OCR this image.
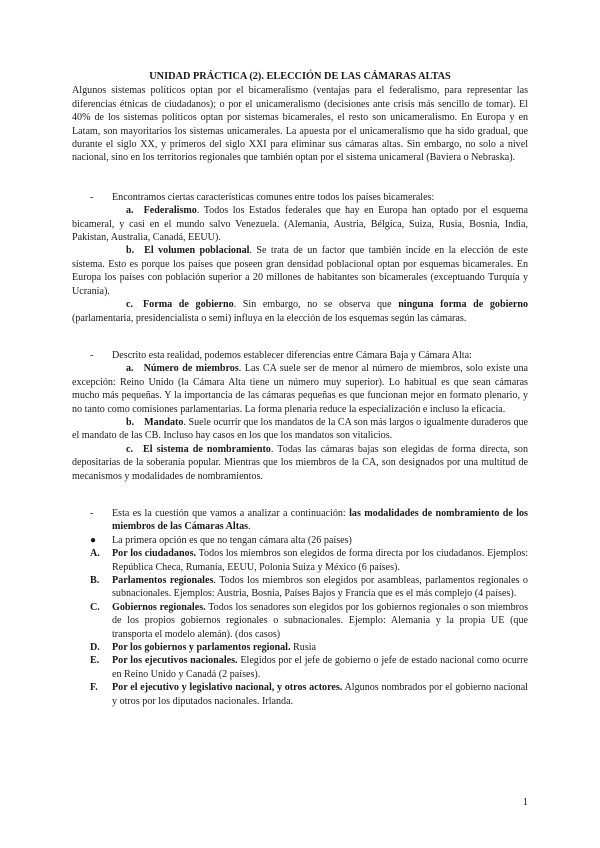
UNIDAD PRÁCTICA (2). ELECCIÓN DE LAS CÁMARAS ALTAS

Algunos sistemas políticos optan por el bicameralismo (ventajas para el federalismo, para representar las diferencias étnicas de ciudadanos); o por el unicameralismo (decisiones ante crisis más sencillo de tomar). El 40% de los sistemas políticos optan por sistemas bicamerales, el resto son unicameralismo. En Europa y en Latam, son mayoritarios los sistemas unicamerales. La apuesta por el unicameralismo que ha sido gradual, que durante el siglo XX, y primeros del siglo XXI para eliminar sus cámaras altas. Sin embargo, no solo a nivel nacional, sino en los territorios regionales que también optan por el sistema unicameral (Baviera o Nebraska).

-	Encontramos ciertas características comunes entre todos los países bicamerales:

a. Federalismo. Todos los Estados federales que hay en Europa han optado por el esquema bicameral, y casi en el mundo salvo Venezuela. (Alemania, Austria, Bélgica, Suiza, Rusia, Bosnia, India, Pakistan, Australia, Canadá, EEUU).

b. El volumen poblacional. Se trata de un factor que también incide en la elección de este sistema. Esto es porque los países que poseen gran densidad poblacional optan por esquemas bicamerales. En Europa los países con población superior a 20 millones de habitantes son bicamerales (exceptuando Turquía y Ucrania).

c. Forma de gobierno. Sin embargo, no se observa que ninguna forma de gobierno (parlamentaria, presidencialista o semi) influya en la elección de los esquemas según las cámaras.

-	Descrito esta realidad, podemos establecer diferencias entre Cámara Baja y Cámara Alta:

a. Número de miembros. Las CA suele ser de menor al número de miembros, solo existe una excepción: Reino Unido (la Cámara Alta tiene un número muy superior). Lo habitual es que sean cámaras mucho más pequeñas. Y la importancia de las cámaras pequeñas es que funcionan mejor en formato plenario, y no tanto como comisiones parlamentarias. La forma plenaria reduce la especialización e incluso la eficacia.

b. Mandato. Suele ocurrir que los mandatos de la CA son más largos o igualmente duraderos que el mandato de las CB. Incluso hay casos en los que los mandatos son vitalicios.

c. El sistema de nombramiento. Todas las cámaras bajas son elegidas de forma directa, son depositarias de la soberanía popular. Mientras que los miembros de la CA, son designados por una multitud de mecanismos y modalidades de nombramientos.

-	Esta es la cuestión que vamos a analizar a continuación: las modalidades de nombramiento de los miembros de las Cámaras Altas.
●	La primera opción es que no tengan cámara alta (26 países)
A.	Por los ciudadanos. Todos los miembros son elegidos de forma directa por los ciudadanos. Ejemplos: República Checa, Rumanía, EEUU, Polonia Suiza y México (6 países).
B.	Parlamentos regionales. Todos los miembros son elegidos por asambleas, parlamentos regionales o subnacionales. Ejemplos: Austria, Bosnia, Países Bajos y Francia que es el más complejo (4 países).
C.	Gobiernos regionales. Todos los senadores son elegidos por los gobiernos regionales o son miembros de los propios gobiernos regionales o subnacionales. Ejemplo: Alemania y la propia UE (que transporta el modelo alemán). (dos casos)
D.	Por los gobiernos y parlamentos regional. Rusia
E.	Por los ejecutivos nacionales. Elegidos por el jefe de gobierno o jefe de estado nacional como ocurre en Reino Unido y Canadá (2 países).
F.	Por el ejecutivo y legislativo nacional, y otros actores. Algunos nombrados por el gobierno nacional y otros por los diputados nacionales. Irlanda.
1
